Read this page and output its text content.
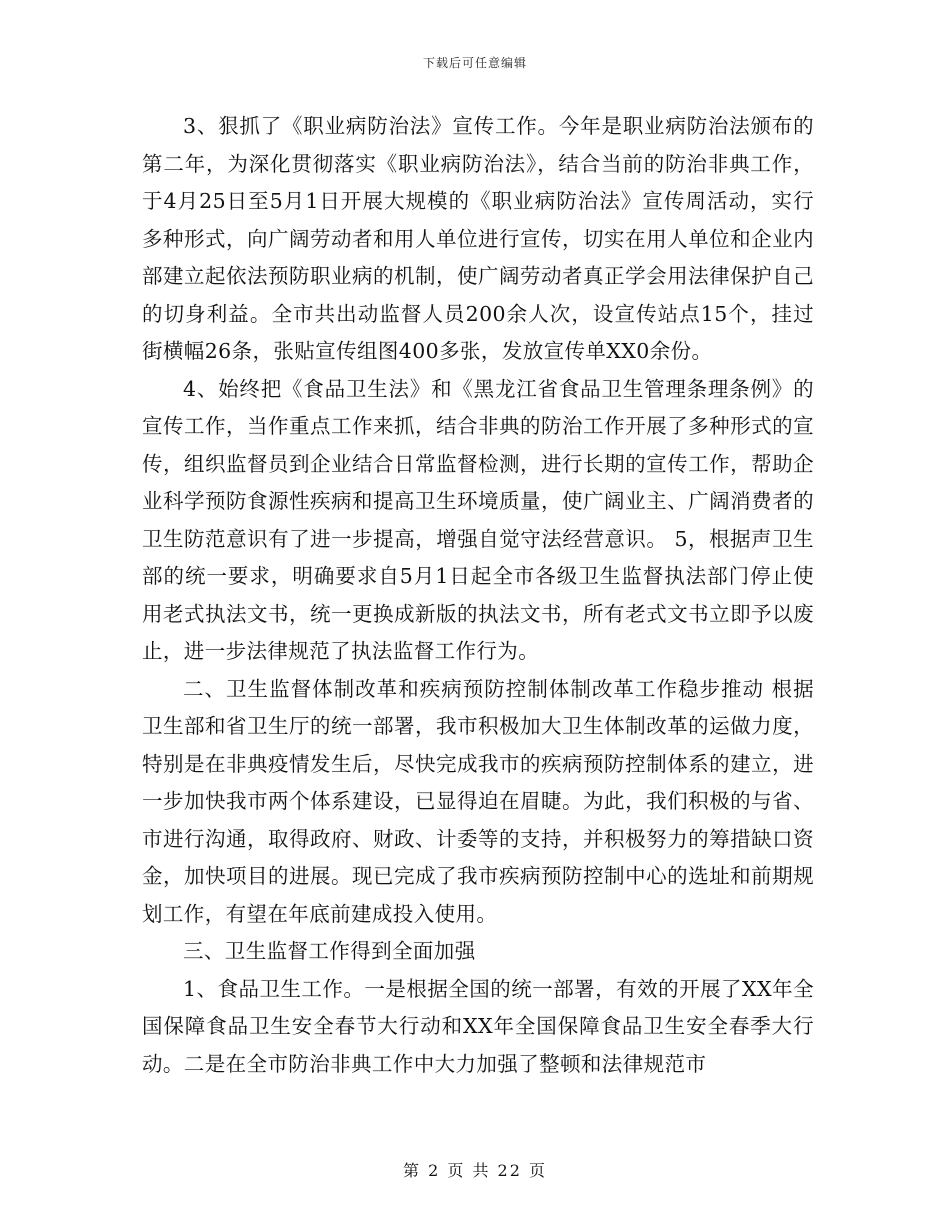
下载后可任意编辑

3、狠抓了《职业病防治法》宣传工作。今年是职业病防治法颁布的第二年，为深化贯彻落实《职业病防治法》，结合当前的防治非典工作，于4月25日至5月1日开展大规模的《职业病防治法》宣传周活动，实行多种形式，向广阔劳动者和用人单位进行宣传，切实在用人单位和企业内部建立起依法预防职业病的机制，使广阔劳动者真正学会用法律保护自己的切身利益。全市共出动监督人员200余人次，设宣传站点15个，挂过街横幅26条，张贴宣传组图400多张，发放宣传单XX0余份。

4、始终把《食品卫生法》和《黑龙江省食品卫生管理条理条例》的宣传工作，当作重点工作来抓，结合非典的防治工作开展了多种形式的宣传，组织监督员到企业结合日常监督检测，进行长期的宣传工作，帮助企业科学预防食源性疾病和提高卫生环境质量，使广阔业主、广阔消费者的卫生防范意识有了进一步提高，增强自觉守法经营意识。 5，根据声卫生部的统一要求，明确要求自5月1日起全市各级卫生监督执法部门停止使用老式执法文书，统一更换成新版的执法文书，所有老式文书立即予以废止，进一步法律规范了执法监督工作行为。

二、卫生监督体制改革和疾病预防控制体制改革工作稳步推动 根据卫生部和省卫生厅的统一部署，我市积极加大卫生体制改革的运做力度，特别是在非典疫情发生后，尽快完成我市的疾病预防控制体系的建立，进一步加快我市两个体系建设，已显得迫在眉睫。为此，我们积极的与省、市进行沟通，取得政府、财政、计委等的支持，并积极努力的筹措缺口资金，加快项目的进展。现已完成了我市疾病预防控制中心的选址和前期规划工作，有望在年底前建成投入使用。

三、卫生监督工作得到全面加强

1、食品卫生工作。一是根据全国的统一部署，有效的开展了XX年全国保障食品卫生安全春节大行动和XX年全国保障食品卫生安全春季大行动。二是在全市防治非典工作中大力加强了整顿和法律规范市

第 2 页 共 22 页
